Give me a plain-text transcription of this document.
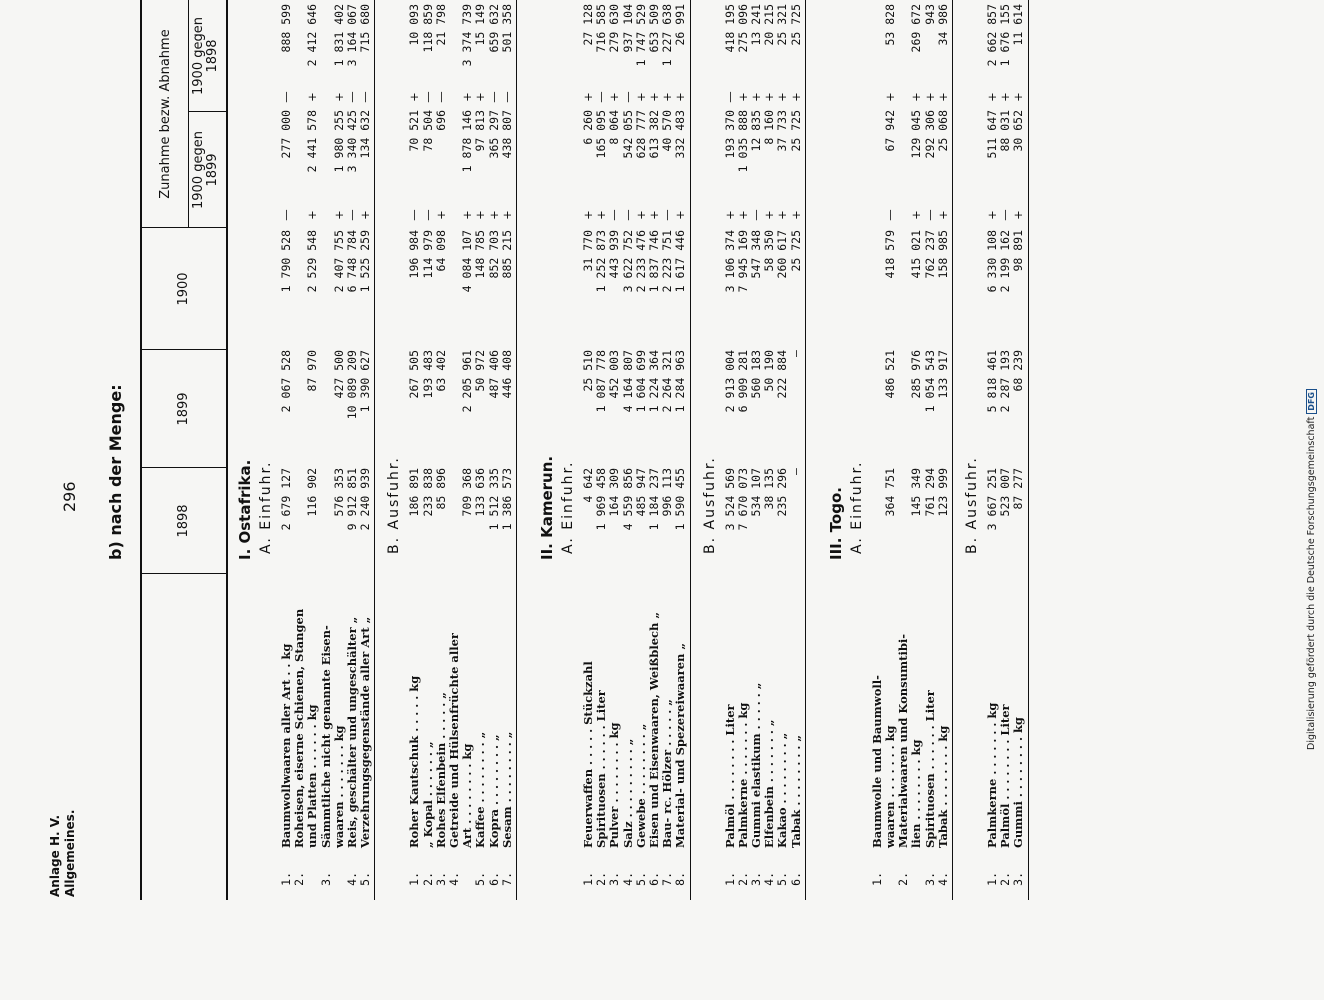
Anlage H. V. Allgemeines.
296 b) nach der Menge:	1898
1899
1900
Zunahme bezw. Abnahme 1900 gegen 1899
1900 gegen 1898
I. Ostafrika. A. Einfuhr.
1.
Baumwollwaaren aller Art . . kg
2 679 127
2 067 528
1 790 528
—
277 000
—
888 599
2.
Roheisen, eiserne Schienen, Stangen und Platten . . . . . . kg
116 902
87 970
2 529 548
+
2 441 578
+
2 412 646
3.
Sämmtliche nicht genannte Eisen- waaren . . . . . . . kg
576 353
427 500
2 407 755
+
1 980 255
+
1 831 402
4.
Reis, geschälter und ungeschälter „
9 912 851
10 089 209
6 748 784
—
3 340 425
—
3 164 067
5.
Verzehrungsgegenstände aller Art „
2 240 939
1 390 627
1 525 259
+
134 632
—
715 680
B. Ausfuhr.
1.
Roher Kautschuk . . . . . kg
186 891
267 505
196 984
—
70 521
+
10 093
2.
„ Kopal . . . . . . „
233 838
193 483
114 979
—
78 504
—
118 859
3.
Rohes Elfenbein . . . . . „
85 896
63 402
64 098
+
696
—
21 798
4.
Getreide und Hülsenfrüchte aller Art . . . . . . . . kg
709 368
2 205 961
4 084 107
+
1 878 146
+
3 374 739
5.
Kaffee . . . . . . . . „
133 636
50 972
148 785
+
97 813
+
15 149
6.
Kopra . . . . . . . . „
1 512 335
487 406
852 703
+
365 297
—
659 632
7.
Sesam . . . . . . . . „
1 386 573
446 408
885 215
+
438 807
—
501 358
II. Kamerun. A. Einfuhr.
1.
Feuerwaffen . . . . . Stückzahl
4 642
25 510
31 770
+
6 260
+
27 128
2.
Spirituosen . . . . . . Liter
1 969 458
1 087 778
1 252 873
+
165 095
—
716 585
3.
Pulver . . . . . . . . kg
164 309
452 003
443 939
—
8 064
+
279 630
4.
Salz . . . . . . . . . „
4 559 856
4 164 807
3 622 752
—
542 055
—
937 104
5.
Gewebe . . . . . . . . „
485 947
1 604 699
2 233 476
+
628 777
+
1 747 529
6.
Eisen und Eisenwaaren, Weißblech „
1 184 237
1 224 364
1 837 746
+
613 382
+
653 509
7.
Bau- rc. Hölzer . . . . . „
996 113
2 264 321
2 223 751
—
40 570
+
1 227 638
8.
Material- und Spezereiwaaren „
1 590 455
1 284 963
1 617 446
+
332 483
+
26 991
B. Ausfuhr.
1.
Palmöl . . . . . . . . Liter
3 524 569
2 913 004
3 106 374
+
193 370
—
418 195
2.
Palmkerne . . . . . . . kg
7 670 073
6 909 281
7 945 169
+
1 035 888
+
275 096
3.
Gummi elastikum . . . . . „
534 107
560 183
547 348
—
12 835
+
13 241
4.
Elfenbein . . . . . . . „
38 135
50 190
58 350
+
8 160
+
20 215
5.
Kakao . . . . . . . . „
235 296
222 884
260 617
+
37 733
+
25 321
6.
Tabak . . . . . . . . „
—
—
25 725
+
25 725
+
25 725
III. Togo. A. Einfuhr.
1.
Baumwolle und Baumwoll- waaren . . . . . . . kg
364 751
486 521
418 579
—
67 942
+
53 828
2.
Materialwaaren und Konsumtibi- lien . . . . . . . . kg
145 349
285 976
415 021
+
129 045
+
269 672
3.
Spirituosen . . . . . . Liter
761 294
1 054 543
762 237
—
292 306
+
943
4.
Tabak . . . . . . . . kg
123 999
133 917
158 985
+
25 068
+
34 986
B. Ausfuhr.
1.
Palmkerne . . . . . . . kg
3 667 251
5 818 461
6 330 108
+
511 647
+
2 662 857
2.
Palmöl . . . . . . . . Liter
523 007
2 287 193
2 199 162
—
88 031
+
1 676 155
3.
Gummi . . . . . . . . kg
87 277
68 239
98 891
+
30 652
+
11 614
Digitalisierung gefördert durch die Deutsche ForschungsgemeinschaftDFG
